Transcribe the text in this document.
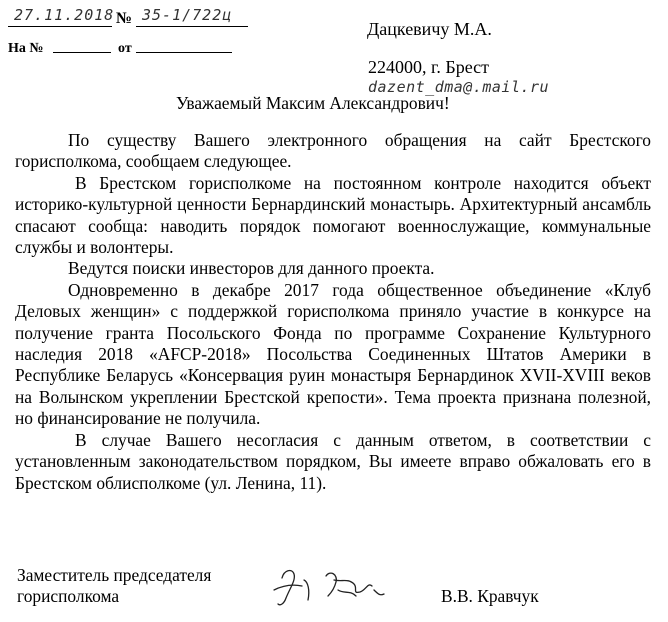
27.11.2018 № 35-1/722ц
На №	от
Дацкевичу М.А.
224000, г. Брест
dazent_dma@.mail.ru
Уважаемый Максим Александрович!

По существу Вашего электронного обращения на сайт Брестского горисполкома, сообщаем следующее.

В Брестском горисполкоме на постоянном контроле находится объект историко-культурной ценности Бернардинский монастырь. Архитектурный ансамбль спасают сообща: наводить порядок помогают военнослужащие, коммунальные службы и волонтеры.

Ведутся поиски инвесторов для данного проекта.

Одновременно в декабре 2017 года общественное объединение «Клуб Деловых женщин» с поддержкой горисполкома приняло участие в конкурсе на получение гранта Посольского Фонда по программе Сохранение Культурного наследия 2018 «AFCP-2018» Посольства Соединенных Штатов Америки в Республике Беларусь «Консервация руин монастыря Бернардинок XVII-XVIII веков на Волынском укреплении Брестской крепости». Тема проекта признана полезной, но финансирование не получила.

В случае Вашего несогласия с данным ответом, в соответствии с установленным законодательством порядком, Вы имеете вправо обжаловать его в Брестском облисполкоме (ул. Ленина, 11).

Заместитель председателя
горисполкома	В.В. Кравчук
